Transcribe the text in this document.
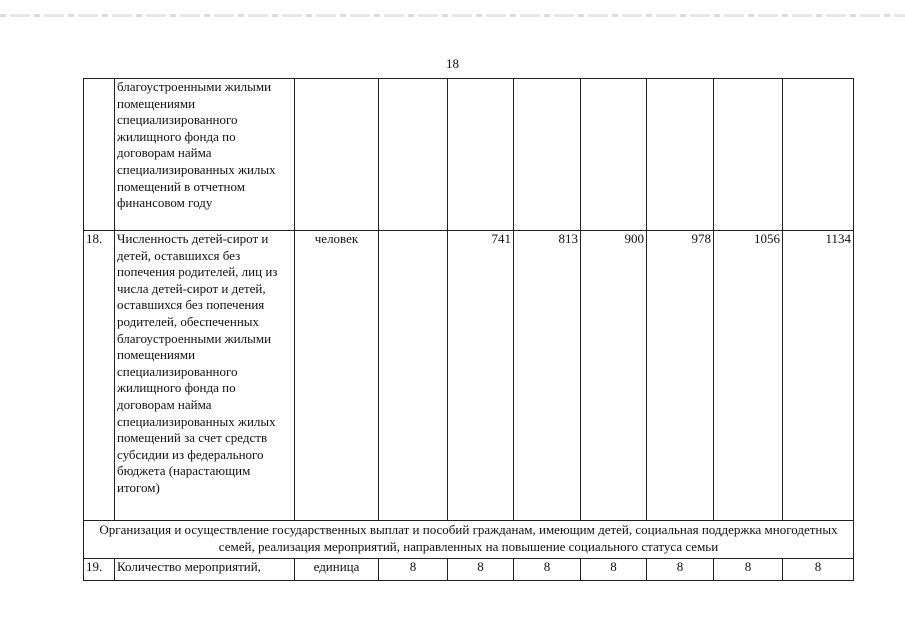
18
	благоустроенными жилыми помещениями специализированного жилищного фонда по договорам найма специализированных жилых помещений в отчетном финансовом году								
18.	Численность детей-сирот и детей, оставшихся без попечения родителей, лиц из числа детей-сирот и детей, оставшихся без попечения родителей, обеспеченных благоустроенными жилыми помещениями специализированного жилищного фонда по договорам найма специализированных жилых помещений за счет средств субсидии из федерального бюджета (нарастающим итогом)	человек		741	813	900	978	1056	1134
Организация и осуществление государственных выплат и пособий гражданам, имеющим детей, социальная поддержка многодетных семей, реализация мероприятий, направленных на повышение социального статуса семьи									
19.	Количество мероприятий,	единица	8	8	8	8	8	8	8
